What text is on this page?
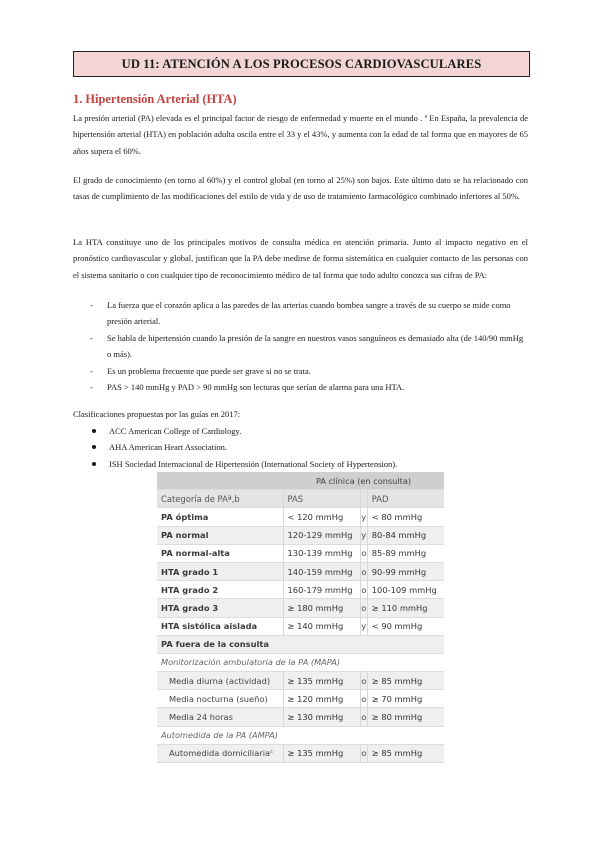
UD 11: ATENCIÓN A LOS PROCESOS CARDIOVASCULARES
1. Hipertensión Arterial (HTA)

La presión arterial (PA) elevada es el principal factor de riesgo de enfermedad y muerte en el mundo . ª En España, la prevalencia de hipertensión arterial (HTA) en población adulta oscila entre el 33 y el 43%, y aumenta con la edad de tal forma que en mayores de 65 años supera el 60%.

El grado de conocimiento (en torno al 60%) y el control global (en torno al 25%) son bajos. Este último dato se ha relacionado con tasas de cumplimiento de las modificaciones del estilo de vida y de uso de tratamiento farmacológico combinado inferiores al 50%.

La HTA constituye uno de los principales motivos de consulta médica en atención primaria. Junto al impacto negativo en el pronóstico cardiovascular y global, justifican que la PA debe medirse de forma sistemática en cualquier contacto de las personas con el sistema sanitario o con cualquier tipo de reconocimiento médico de tal forma que todo adulto conozca sus cifras de PA:

- La fuerza que el corazón aplica a las paredes de las arterias cuando bombea sangre a través de su cuerpo se mide como presión arterial.
- Se habla de hipertensión cuando la presión de la sangre en nuestros vasos sanguíneos es demasiado alta (de 140/90 mmHg o más).
- Es un problema frecuente que puede ser grave si no se trata.
- PAS > 140 mmHg y PAD > 90 mmHg son lecturas que serían de alarma para una HTA.
Clasificaciones propuestas por las guías en 2017:
ACC American College of Cardiology.
AHA American Heart Association.
ISH Sociedad Internacional de Hipertensión (International Society of Hypertension).
	PA clínica (en consulta)		
Categoría de PAª,b	PAS		PAD
PA óptima	< 120 mmHg	y	< 80 mmHg
PA normal	120-129 mmHg	y	80-84 mmHg
PA normal-alta	130-139 mmHg	o	85-89 mmHg
HTA grado 1	140-159 mmHg	o	90-99 mmHg
HTA grado 2	160-179 mmHg	o	100-109 mmHg
HTA grado 3	≥ 180 mmHg	o	≥ 110 mmHg
HTA sistólica aislada	≥ 140 mmHg	y	< 90 mmHg
PA fuera de la consulta			
Monitorización ambulatoria de la PA (MAPA)			
Media diurna (actividad)	≥ 135 mmHg	o	≥ 85 mmHg
Media nocturna (sueño)	≥ 120 mmHg	o	≥ 70 mmHg
Media 24 horas	≥ 130 mmHg	o	≥ 80 mmHg
Automedida de la PA (AMPA)			
Automedida domiciliariaᶜ	≥ 135 mmHg	o	≥ 85 mmHg
